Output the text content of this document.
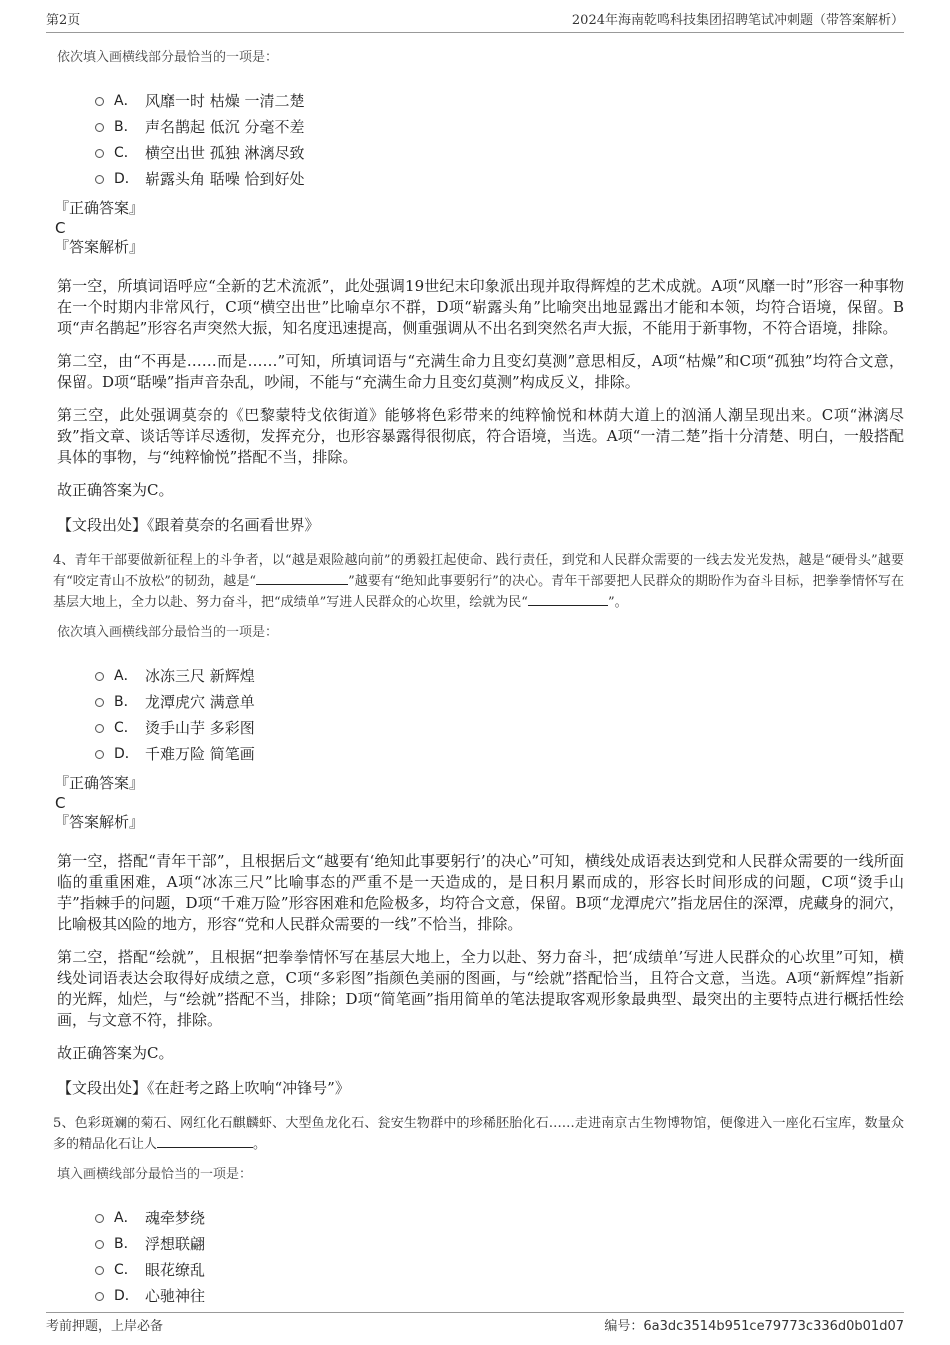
第2页	2024年海南乾鸣科技集团招聘笔试冲刺题（带答案解析）
依次填入画横线部分最恰当的一项是：
A． 风靡一时 枯燥 一清二楚
B． 声名鹊起 低沉 分毫不差
C． 横空出世 孤独 淋漓尽致
D． 崭露头角 聒噪 恰到好处
『正确答案』
C
『答案解析』

第一空，所填词语呼应“全新的艺术流派”，此处强调19世纪末印象派出现并取得辉煌的艺术成就。A项“风靡一时”形容一种事物在一个时期内非常风行，C项“横空出世”比喻卓尔不群，D项“崭露头角”比喻突出地显露出才能和本领，均符合语境，保留。B项“声名鹊起”形容名声突然大振，知名度迅速提高，侧重强调从不出名到突然名声大振，不能用于新事物，不符合语境，排除。

第二空，由“不再是……而是……”可知，所填词语与“充满生命力且变幻莫测”意思相反，A项“枯燥”和C项“孤独”均符合文意，保留。D项“聒噪”指声音杂乱，吵闹，不能与“充满生命力且变幻莫测”构成反义，排除。

第三空，此处强调莫奈的《巴黎蒙特戈依街道》能够将色彩带来的纯粹愉悦和林荫大道上的汹涌人潮呈现出来。C项“淋漓尽致”指文章、谈话等详尽透彻，发挥充分，也形容暴露得很彻底，符合语境，当选。A项“一清二楚”指十分清楚、明白，一般搭配具体的事物，与“纯粹愉悦”搭配不当，排除。

故正确答案为C。

【文段出处】《跟着莫奈的名画看世界》

4、青年干部要做新征程上的斗争者，以“越是艰险越向前”的勇毅扛起使命、践行责任，到党和人民群众需要的一线去发光发热，越是“硬骨头”越要有“咬定青山不放松”的韧劲，越是“	”越要有“绝知此事要躬行”的决心。青年干部要把人民群众的期盼作为奋斗目标，把拳拳情怀写在基层大地上，全力以赴、努力奋斗，把“成绩单”写进人民群众的心坎里，绘就为民“	”。

依次填入画横线部分最恰当的一项是：
A． 冰冻三尺 新辉煌
B． 龙潭虎穴 满意单
C． 烫手山芋 多彩图
D． 千难万险 简笔画
『正确答案』
C
『答案解析』

第一空，搭配“青年干部”，且根据后文“越要有‘绝知此事要躬行’的决心”可知，横线处成语表达到党和人民群众需要的一线所面临的重重困难，A项“冰冻三尺”比喻事态的严重不是一天造成的，是日积月累而成的，形容长时间形成的问题，C项“烫手山芋”指棘手的问题，D项“千难万险”形容困难和危险极多，均符合文意，保留。B项“龙潭虎穴”指龙居住的深潭，虎藏身的洞穴，比喻极其凶险的地方，形容“党和人民群众需要的一线”不恰当，排除。

第二空，搭配“绘就”，且根据“把拳拳情怀写在基层大地上，全力以赴、努力奋斗，把‘成绩单’写进人民群众的心坎里”可知，横线处词语表达会取得好成绩之意，C项“多彩图”指颜色美丽的图画，与“绘就”搭配恰当，且符合文意，当选。A项“新辉煌”指新的光辉，灿烂，与“绘就”搭配不当，排除；D项“简笔画”指用简单的笔法提取客观形象最典型、最突出的主要特点进行概括性绘画，与文意不符，排除。

故正确答案为C。

【文段出处】《在赶考之路上吹响“冲锋号”》

5、色彩斑斓的菊石、网红化石麒麟虾、大型鱼龙化石、瓮安生物群中的珍稀胚胎化石……走进南京古生物博物馆，便像进入一座化石宝库，数量众多的精品化石让人	。

填入画横线部分最恰当的一项是：
A． 魂牵梦绕
B． 浮想联翩
C． 眼花缭乱
D． 心驰神往
考前押题，上岸必备	编号：6a3dc3514b951ce79773c336d0b01d07
